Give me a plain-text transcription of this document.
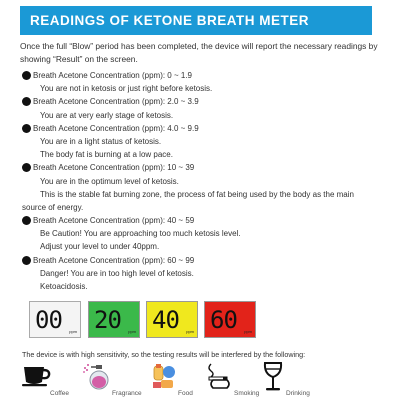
READINGS OF KETONE BREATH METER
Once the full “Blow” period has been completed, the device will report the necessary readings by showing “Result” on the screen.
Breath Acetone Concentration (ppm): 0 ~ 1.9
You are not in ketosis or just right before ketosis.
Breath Acetone Concentration (ppm): 2.0 ~ 3.9
You are at very early stage of ketosis.
Breath Acetone Concentration (ppm): 4.0 ~ 9.9
You are in a light status of ketosis.
The body fat is burning at a low pace.
Breath Acetone Concentration (ppm): 10 ~ 39
You are in the optimum level of ketosis.
This is the stable fat burning zone, the process of fat being used by the body as the main
source of energy.
Breath Acetone Concentration (ppm): 40 ~ 59
Be Caution! You are approaching too much ketosis level.
Adjust your level to under 40ppm.
Breath Acetone Concentration (ppm): 60 ~ 99
Danger! You are in too high level of ketosis.
Ketoacidosis.
00 ppm 20 ppm 40 ppm 60 ppm
The device is with high sensitivity, so the testing results will be interfered by the following:
Coffee	Fragrance	Food	Smoking	Drinking
